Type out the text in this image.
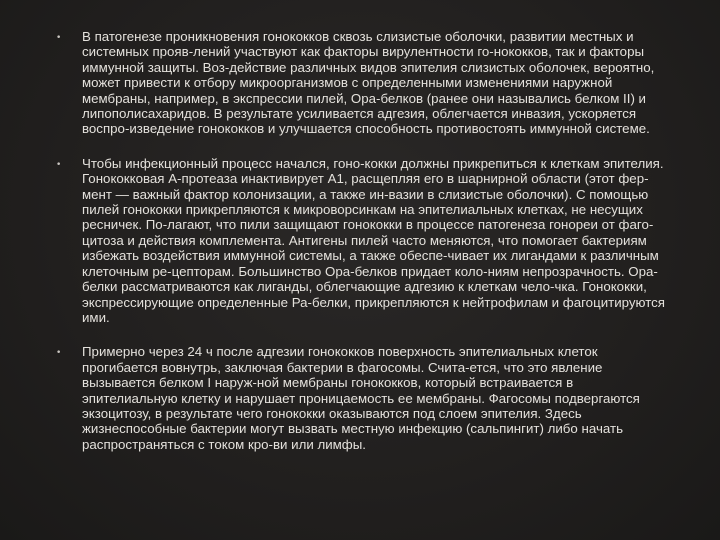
• В патогенезе проникновения гонококков сквозь слизистые оболочки, развитии местных и системных прояв-лений участвуют как факторы вирулентности го-нококков, так и факторы иммунной защиты. Воз-действие различных видов эпителия слизистых оболочек, вероятно, может привести к отбору микроорганизмов с определенными изменениями наружной мембраны, например, в экспрессии пилей, Ора-белков (ранее они назывались белком II) и липополисахаридов. В результате усиливается адгезия, облегчается инвазия, ускоряется воспро-изведение гонококков и улучшается способность противостоять иммунной системе.
• Чтобы инфекционный процесс начался, гоно-кокки должны прикрепиться к клеткам эпителия. Гонококковая А-протеаза инактивирует А1, расщепляя его в шарнирной области (этот фер-мент — важный фактор колонизации, а также ин-вазии в слизистые оболочки). С помощью пилей гонококки прикрепляются к микроворсинкам на эпителиальных клетках, не несущих ресничек. По-лагают, что пили защищают гонококки в процессе патогенеза гонореи от фаго-цитоза и действия комплемента. Антигены пилей часто меняются, что помогает бактериям избежать воздействия иммунной системы, а также обеспе-чивает их лигандами к различным клеточным ре-цепторам. Большинство Ора-белков придает коло-ниям непрозрачность. Ора-белки рассматриваются как лиганды, облегчающие адгезию к клеткам чело-чка. Гонококки, экспрессирующие определенные Ра-белки, прикрепляются к нейтрофилам и фагоцитируются ими.
• Примерно через 24 ч после адгезии гонококков поверхность эпителиальных клеток прогибается вовнутрь, заключая бактерии в фагосомы. Счита-ется, что это явление вызывается белком I наруж-ной мембраны гонококков, который встраивается в эпителиальную клетку и нарушает проницаемость ее мембраны. Фагосомы подвергаются экзоцитозу, в результате чего гонококки оказываются под слоем эпителия. Здесь жизнеспособные бактерии могут вызвать местную инфекцию (сальпингит) либо начать распространяться с током кро-ви или лимфы.
